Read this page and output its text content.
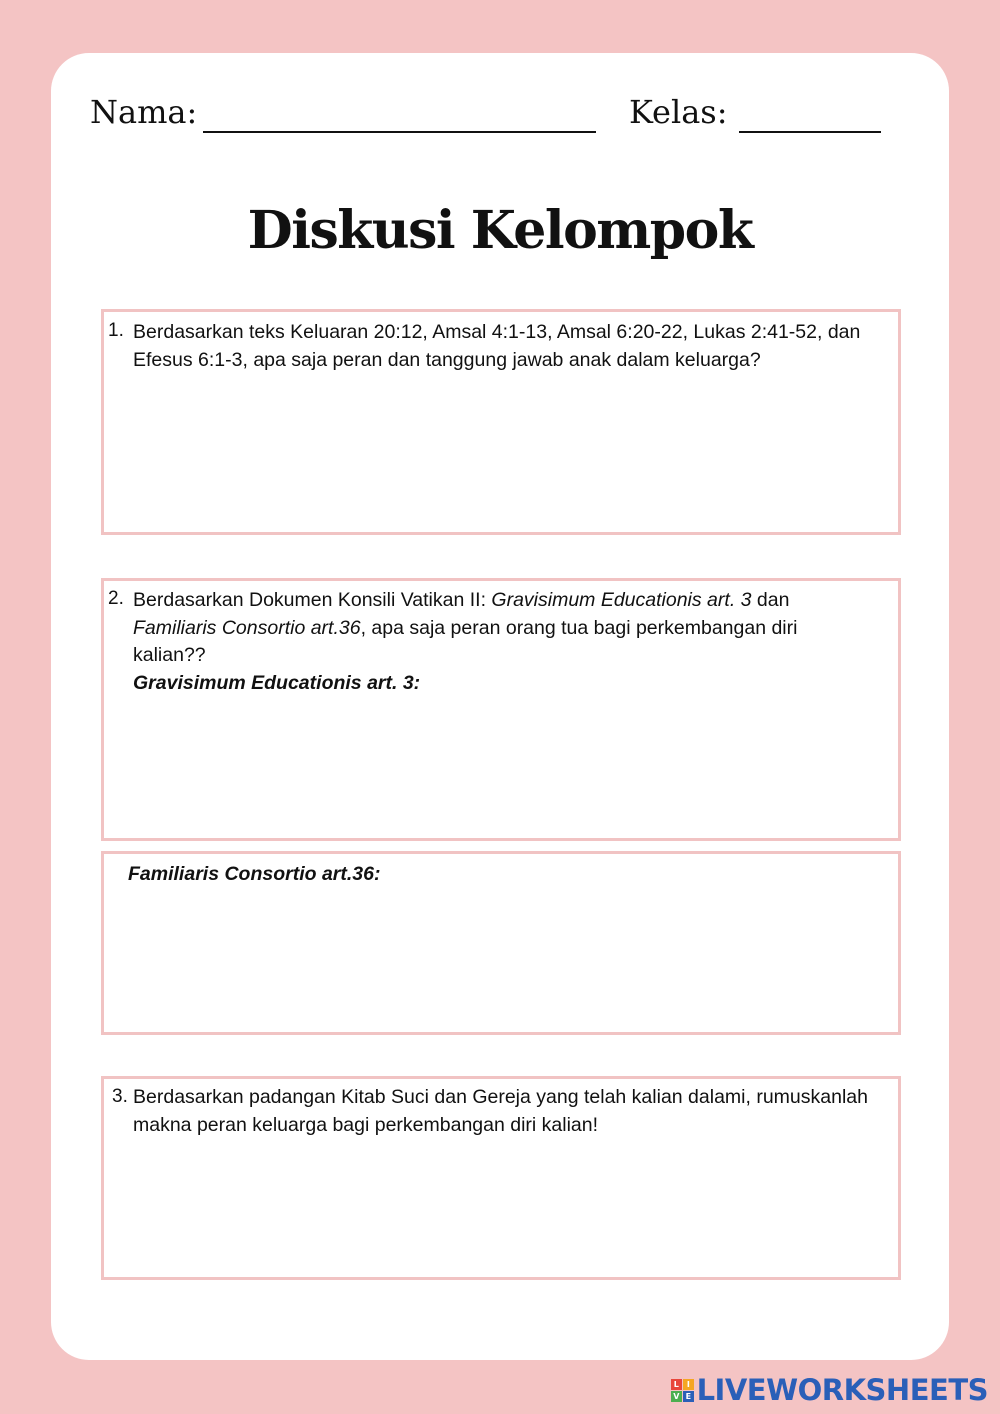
Nama:	Kelas:
Diskusi Kelompok
1. Berdasarkan teks Keluaran 20:12, Amsal 4:1-13, Amsal 6:20-22, Lukas 2:41-52, dan Efesus 6:1-3, apa saja peran dan tanggung jawab anak dalam keluarga?
2. Berdasarkan Dokumen Konsili Vatikan II: Gravisimum Educationis art. 3 dan Familiaris Consortio art.36, apa saja peran orang tua bagi perkembangan diri kalian??
Gravisimum Educationis art. 3:
Familiaris Consortio art.36:
3. Berdasarkan padangan Kitab Suci dan Gereja yang telah kalian dalami, rumuskanlah makna peran keluarga bagi perkembangan diri kalian!
L	I
V E LIVEWORKSHEETS
